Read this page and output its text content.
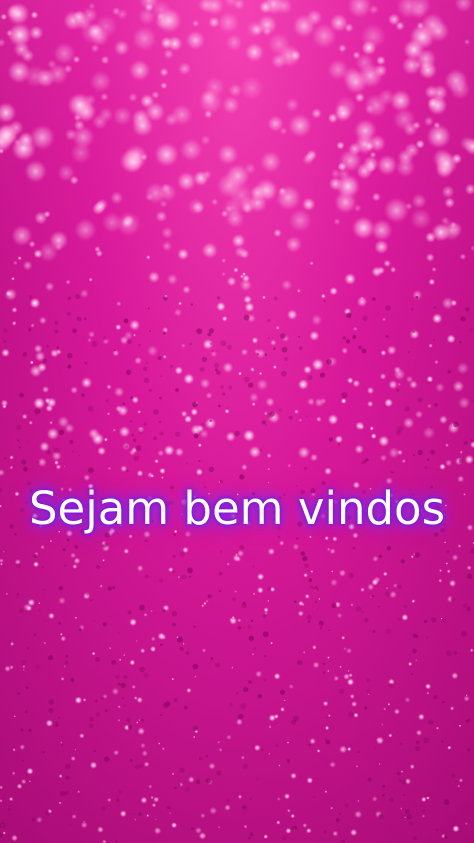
Sejam bem vindos
